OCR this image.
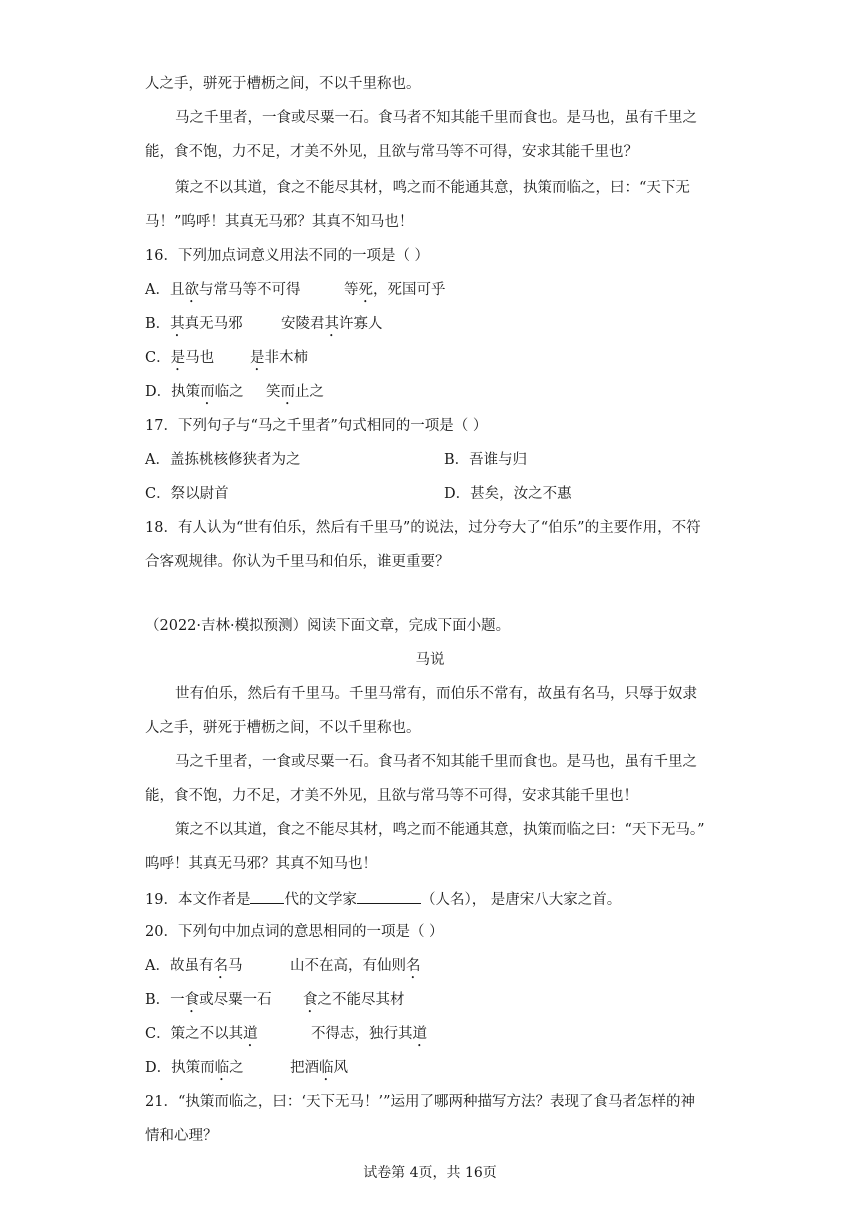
人之手，骈死于槽枥之间，不以千里称也。
马之千里者，一食或尽粟一石。食马者不知其能千里而食也。是马也，虽有千里之
能，食不饱，力不足，才美不外见，且欲与常马等不可得，安求其能千里也？
策之不以其道，食之不能尽其材，鸣之而不能通其意，执策而临之，曰：“天下无
马！”呜呼！其真无马邪？其真不知马也！
16．下列加点词意义用法不同的一项是（ ）
A．且欲与常马等不可得	等死，死国可乎
B．其真无马邪	安陵君其许寡人
C．是马也 是非木柿
D．执策而临之 笑而止之
17．下列句子与“马之千里者”句式相同的一项是（ ）
A．盖拣桃核修狭者为之	B．吾谁与归
C．祭以尉首	D．甚矣，汝之不惠
18．有人认为“世有伯乐，然后有千里马”的说法，过分夸大了“伯乐”的主要作用，不符
合客观规律。你认为千里马和伯乐，谁更重要？
（2022·吉林·模拟预测）阅读下面文章，完成下面小题。
马说
世有伯乐，然后有千里马。千里马常有，而伯乐不常有，故虽有名马，只辱于奴隶
人之手，骈死于槽枥之间，不以千里称也。
马之千里者，一食或尽粟一石。食马者不知其能千里而食也。是马也，虽有千里之
能，食不饱，力不足，才美不外见，且欲与常马等不可得，安求其能千里也！
策之不以其道，食之不能尽其材，鸣之而不能通其意，执策而临之曰：“天下无马。”
呜呼！其真无马邪？其真不知马也！
19．本文作者是 代的文学家	（人名）， 是唐宋八大家之首。
20．下列句中加点词的意思相同的一项是（ ）
A．故虽有名马	山不在高，有仙则名
B．一食或尽粟一石 食之不能尽其材
C．策之不以其道	不得志，独行其道
D．执策而临之	把酒临风
21．“执策而临之，曰：‘天下无马！’”运用了哪两种描写方法？表现了食马者怎样的神
情和心理？
试卷第 4页，共 16页
